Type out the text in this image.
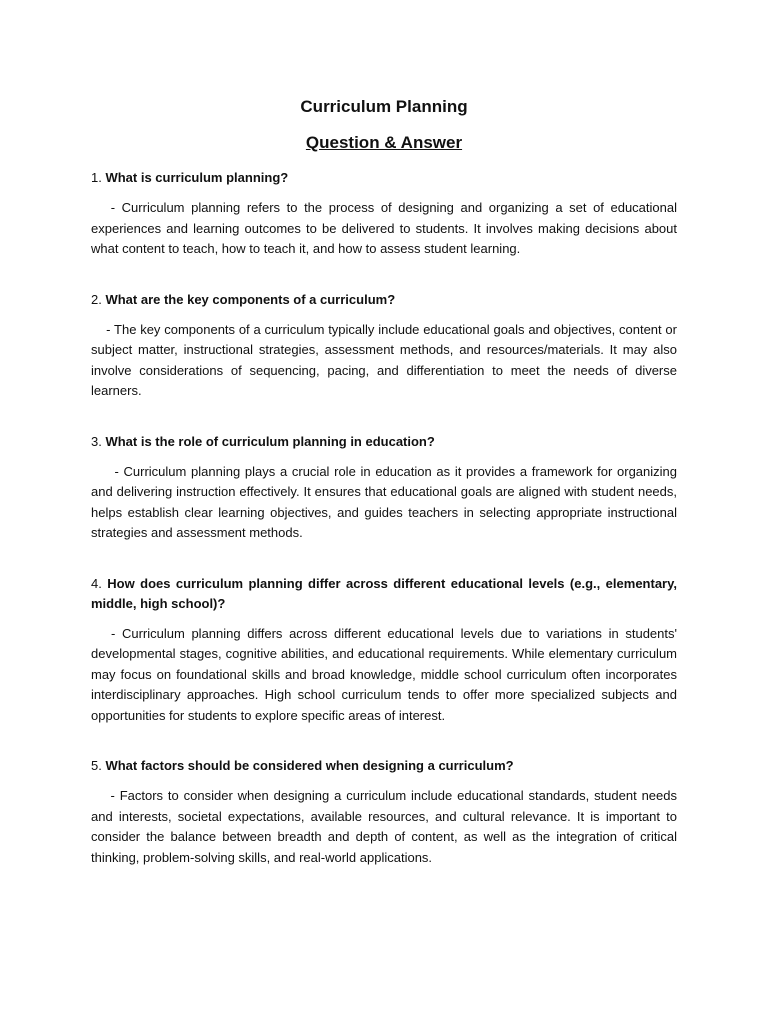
Curriculum Planning
Question & Answer

1. What is curriculum planning?

- Curriculum planning refers to the process of designing and organizing a set of educational experiences and learning outcomes to be delivered to students. It involves making decisions about what content to teach, how to teach it, and how to assess student learning.

2. What are the key components of a curriculum?

- The key components of a curriculum typically include educational goals and objectives, content or subject matter, instructional strategies, assessment methods, and resources/materials. It may also involve considerations of sequencing, pacing, and differentiation to meet the needs of diverse learners.

3. What is the role of curriculum planning in education?

- Curriculum planning plays a crucial role in education as it provides a framework for organizing and delivering instruction effectively. It ensures that educational goals are aligned with student needs, helps establish clear learning objectives, and guides teachers in selecting appropriate instructional strategies and assessment methods.

4. How does curriculum planning differ across different educational levels (e.g., elementary, middle, high school)?

- Curriculum planning differs across different educational levels due to variations in students' developmental stages, cognitive abilities, and educational requirements. While elementary curriculum may focus on foundational skills and broad knowledge, middle school curriculum often incorporates interdisciplinary approaches. High school curriculum tends to offer more specialized subjects and opportunities for students to explore specific areas of interest.

5. What factors should be considered when designing a curriculum?

- Factors to consider when designing a curriculum include educational standards, student needs and interests, societal expectations, available resources, and cultural relevance. It is important to consider the balance between breadth and depth of content, as well as the integration of critical thinking, problem-solving skills, and real-world applications.
